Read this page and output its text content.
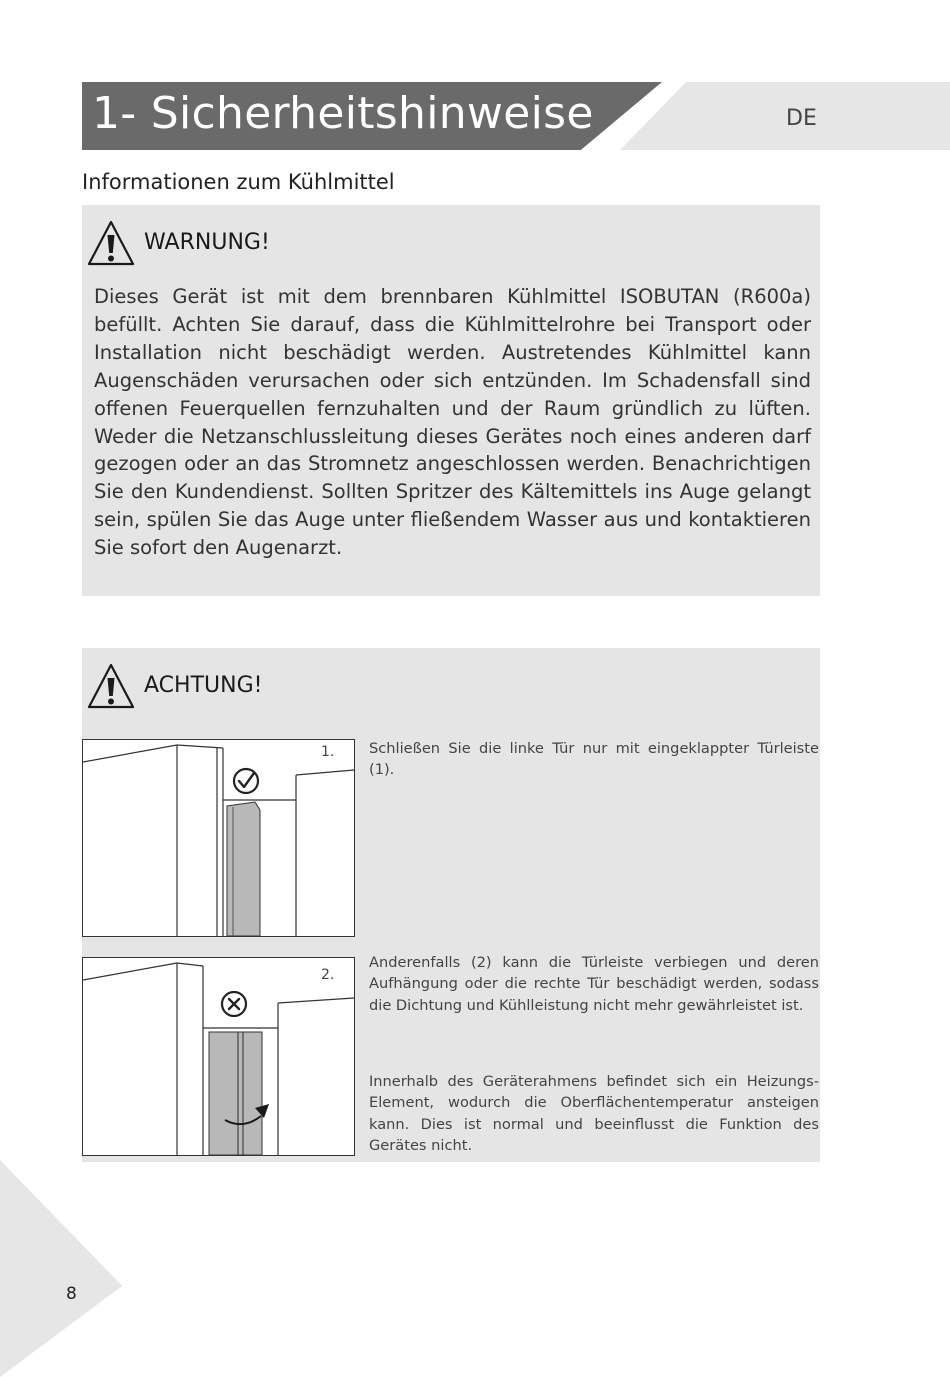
1- Sicherheitshinweise	DE
Informationen zum Kühlmittel
WARNUNG!

Dieses Gerät ist mit dem brennbaren Kühlmittel ISOBUTAN (R600a) befüllt. Achten Sie darauf, dass die Kühlmittelrohre bei Transport oder Installation nicht beschädigt werden. Austretendes Kühlmittel kann Augenschäden verursachen oder sich entzünden. Im Schadensfall sind offenen Feuerquellen fernzuhalten und der Raum gründlich zu lüften. Weder die Netzanschlussleitung dieses Gerätes noch eines anderen darf gezogen oder an das Stromnetz angeschlossen werden. Benachrichtigen Sie den Kundendienst. Sollten Spritzer des Kältemittels ins Auge gelangt sein, spülen Sie das Auge unter fließendem Wasser aus und kontaktieren Sie sofort den Augenarzt.

ACHTUNG!
1.
2.

Schließen Sie die linke Tür nur mit eingeklappter Türleiste (1).

Anderenfalls (2) kann die Türleiste verbiegen und deren Aufhängung oder die rechte Tür beschädigt werden, sodass die Dichtung und Kühlleistung nicht mehr gewährleistet ist.

Innerhalb des Geräterahmens befindet sich ein Heizungs-Element, wodurch die Oberflächentemperatur ansteigen kann. Dies ist normal und beeinflusst die Funktion des Gerätes nicht.

8
